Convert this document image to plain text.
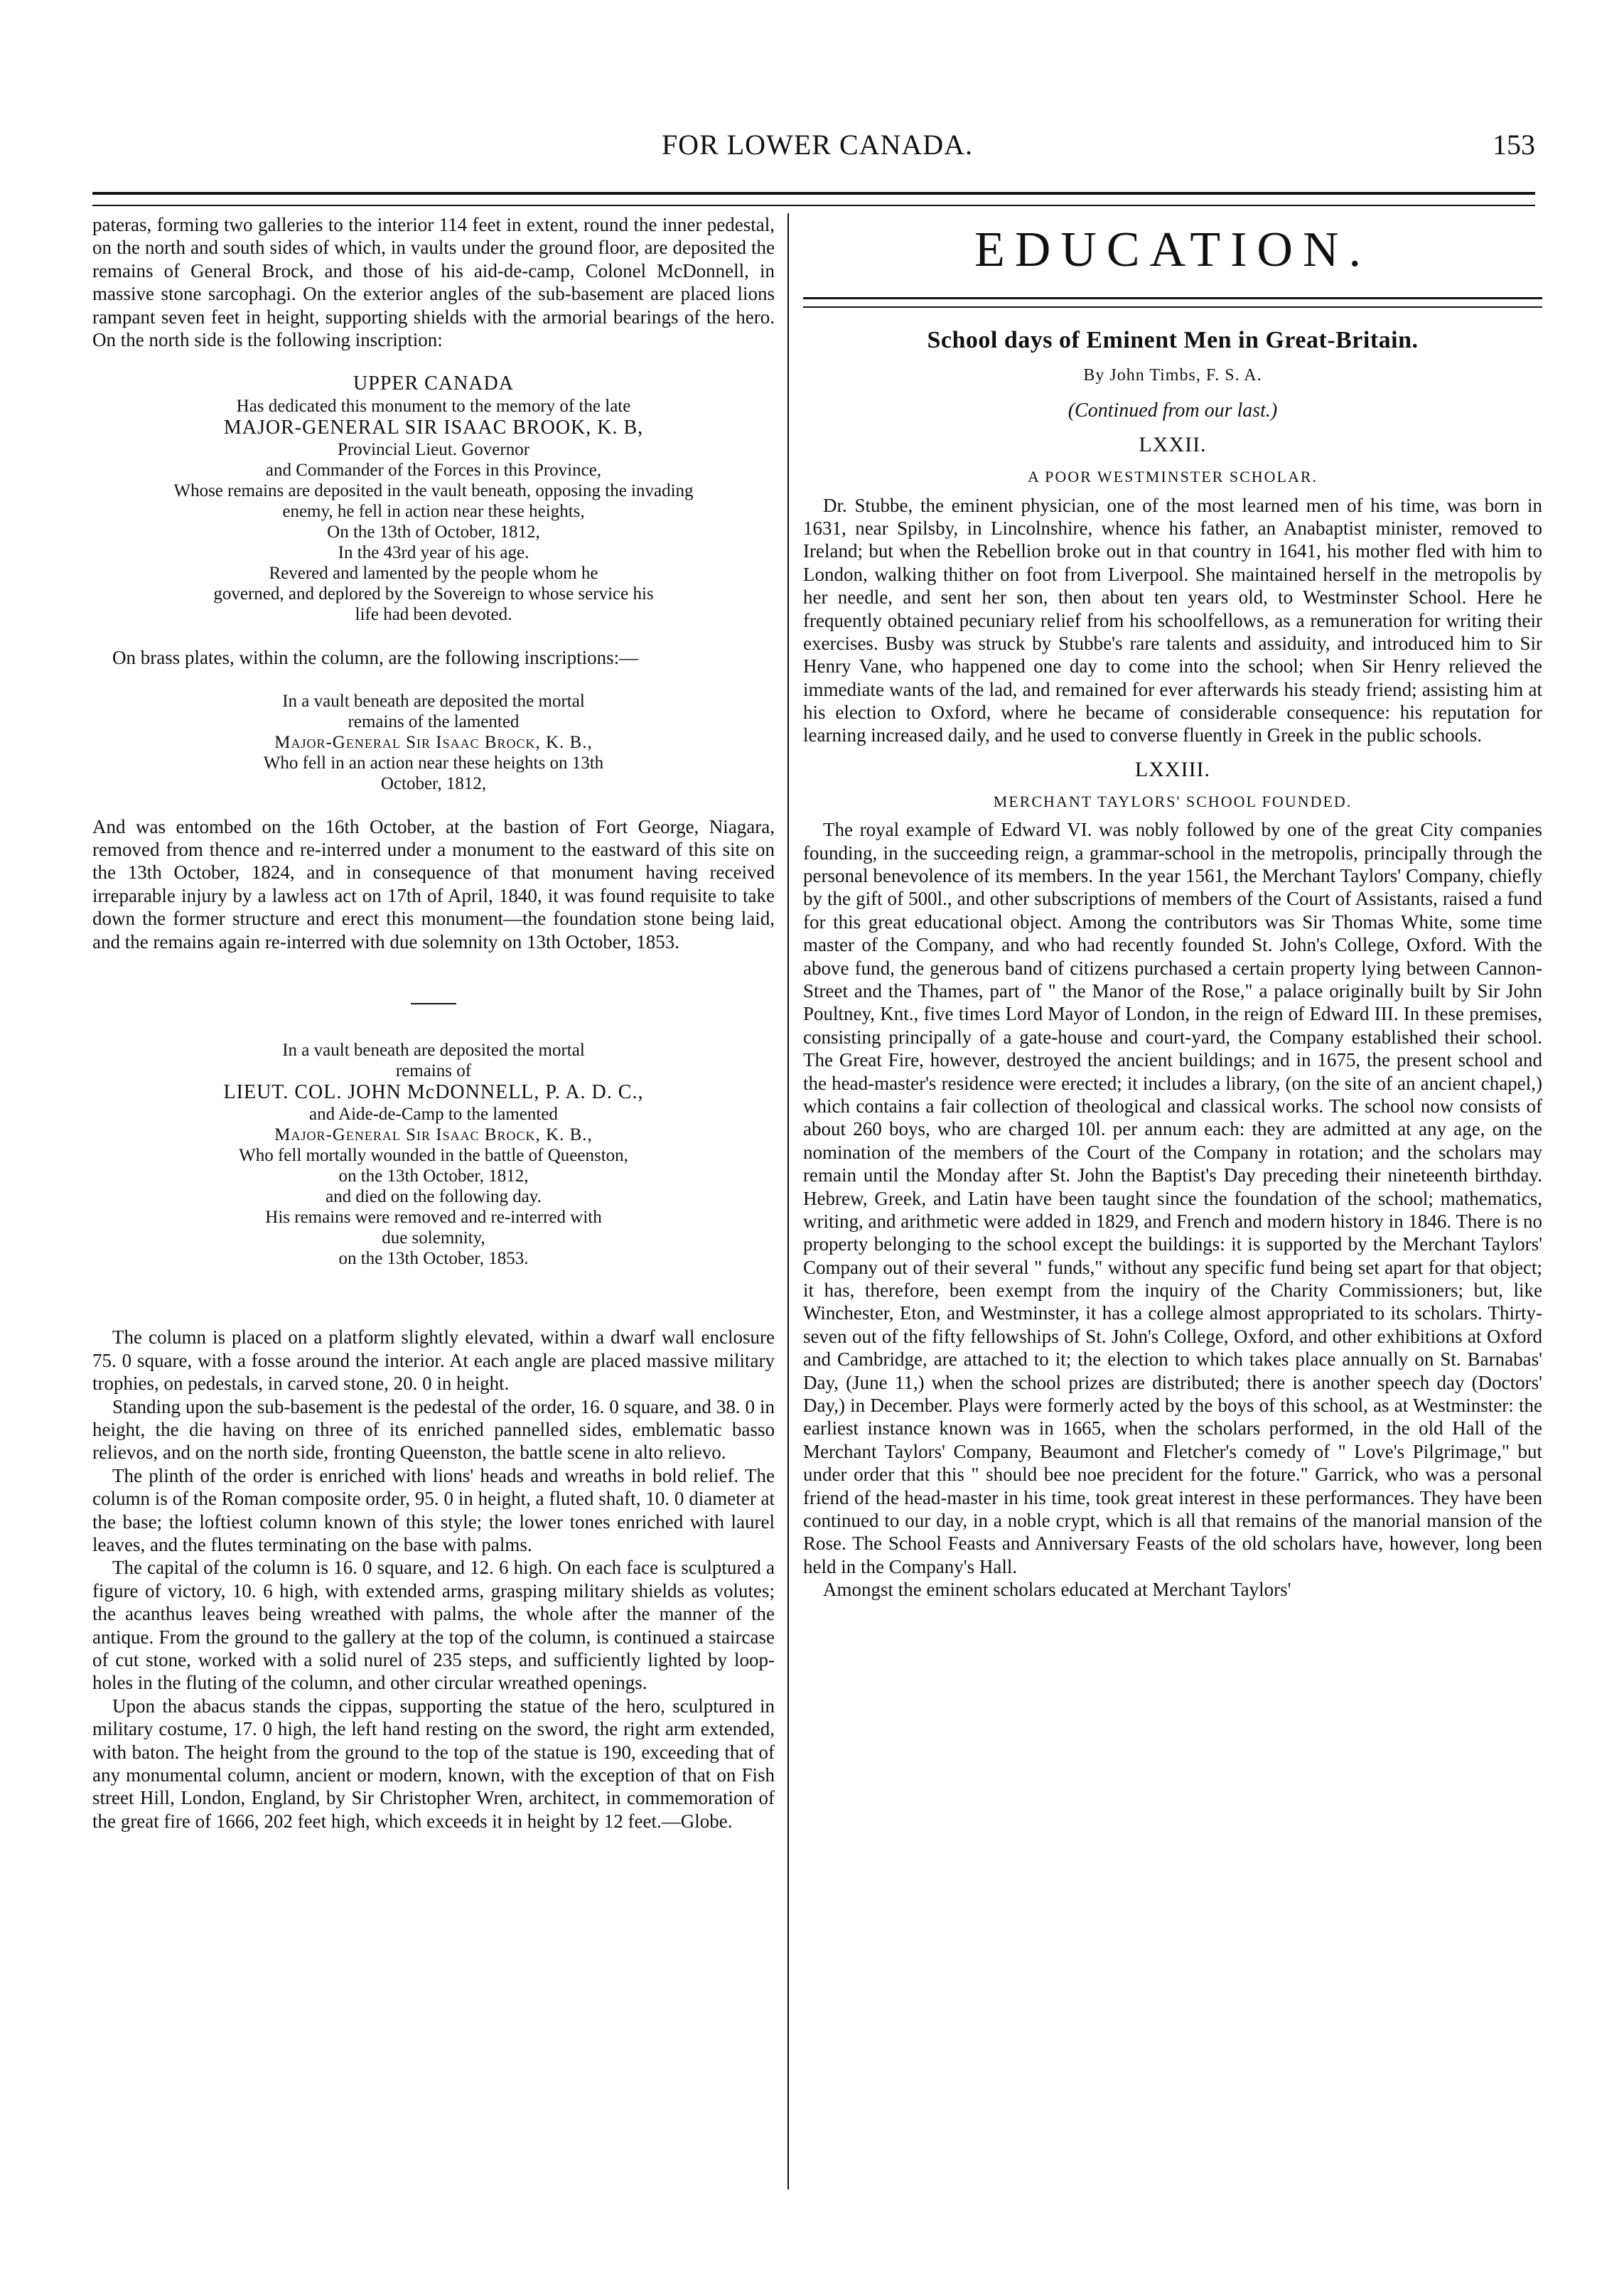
FOR LOWER CANADA.	153

pateras, forming two galleries to the interior 114 feet in extent, round the inner pedestal, on the north and south sides of which, in vaults under the ground floor, are deposited the remains of General Brock, and those of his aid-de-camp, Colonel McDonnell, in massive stone sarcophagi. On the exterior angles of the sub-basement are placed lions rampant seven feet in height, supporting shields with the armorial bearings of the hero. On the north side is the following inscription:

UPPER CANADA
Has dedicated this monument to the memory of the late
MAJOR-GENERAL SIR ISAAC BROOK, K. B,
Provincial Lieut. Governor
and Commander of the Forces in this Province,
Whose remains are deposited in the vault beneath, opposing the invading
enemy, he fell in action near these heights,
On the 13th of October, 1812,
In the 43rd year of his age.
Revered and lamented by the people whom he
governed, and deplored by the Sovereign to whose service his
life had been devoted.

On brass plates, within the column, are the following inscriptions:—

In a vault beneath are deposited the mortal
remains of the lamented
Major-General Sir Isaac Brock, K. B.,
Who fell in an action near these heights on 13th
October, 1812,

And was entombed on the 16th October, at the bastion of Fort George, Niagara, removed from thence and re-interred under a monument to the eastward of this site on the 13th October, 1824, and in consequence of that monument having received irreparable injury by a lawless act on 17th of April, 1840, it was found requisite to take down the former structure and erect this monument—the foundation stone being laid, and the remains again re-interred with due solemnity on 13th October, 1853.

In a vault beneath are deposited the mortal
remains of
LIEUT. COL. JOHN McDONNELL, P. A. D. C.,
and Aide-de-Camp to the lamented
Major-General Sir Isaac Brock, K. B.,
Who fell mortally wounded in the battle of Queenston,
on the 13th October, 1812,
and died on the following day.
His remains were removed and re-interred with
due solemnity,
on the 13th October, 1853.

The column is placed on a platform slightly elevated, within a dwarf wall enclosure 75. 0 square, with a fosse around the interior. At each angle are placed massive military trophies, on pedestals, in carved stone, 20. 0 in height.

Standing upon the sub-basement is the pedestal of the order, 16. 0 square, and 38. 0 in height, the die having on three of its enriched pannelled sides, emblematic basso relievos, and on the north side, fronting Queenston, the battle scene in alto relievo.

The plinth of the order is enriched with lions' heads and wreaths in bold relief. The column is of the Roman composite order, 95. 0 in height, a fluted shaft, 10. 0 diameter at the base; the loftiest column known of this style; the lower tones enriched with laurel leaves, and the flutes terminating on the base with palms.

The capital of the column is 16. 0 square, and 12. 6 high. On each face is sculptured a figure of victory, 10. 6 high, with extended arms, grasping military shields as volutes; the acanthus leaves being wreathed with palms, the whole after the manner of the antique. From the ground to the gallery at the top of the column, is continued a staircase of cut stone, worked with a solid nurel of 235 steps, and sufficiently lighted by loop-holes in the fluting of the column, and other circular wreathed openings.

Upon the abacus stands the cippas, supporting the statue of the hero, sculptured in military costume, 17. 0 high, the left hand resting on the sword, the right arm extended, with baton. The height from the ground to the top of the statue is 190, exceeding that of any monumental column, ancient or modern, known, with the exception of that on Fish street Hill, London, England, by Sir Christopher Wren, architect, in commemoration of the great fire of 1666, 202 feet high, which exceeds it in height by 12 feet.—Globe.

EDUCATION.
School days of Eminent Men in Great-Britain.
By John Timbs, F. S. A.
(Continued from our last.)
LXXII.
A POOR WESTMINSTER SCHOLAR.

Dr. Stubbe, the eminent physician, one of the most learned men of his time, was born in 1631, near Spilsby, in Lincolnshire, whence his father, an Anabaptist minister, removed to Ireland; but when the Rebellion broke out in that country in 1641, his mother fled with him to London, walking thither on foot from Liverpool. She maintained herself in the metropolis by her needle, and sent her son, then about ten years old, to Westminster School. Here he frequently obtained pecuniary relief from his schoolfellows, as a remuneration for writing their exercises. Busby was struck by Stubbe's rare talents and assiduity, and introduced him to Sir Henry Vane, who happened one day to come into the school; when Sir Henry relieved the immediate wants of the lad, and remained for ever afterwards his steady friend; assisting him at his election to Oxford, where he became of considerable consequence: his reputation for learning increased daily, and he used to converse fluently in Greek in the public schools.

LXXIII.
MERCHANT TAYLORS' SCHOOL FOUNDED.

The royal example of Edward VI. was nobly followed by one of the great City companies founding, in the succeeding reign, a grammar-school in the metropolis, principally through the personal benevolence of its members. In the year 1561, the Merchant Taylors' Company, chiefly by the gift of 500l., and other subscriptions of members of the Court of Assistants, raised a fund for this great educational object. Among the contributors was Sir Thomas White, some time master of the Company, and who had recently founded St. John's College, Oxford. With the above fund, the generous band of citizens purchased a certain property lying between Cannon-Street and the Thames, part of " the Manor of the Rose," a palace originally built by Sir John Poultney, Knt., five times Lord Mayor of London, in the reign of Edward III. In these premises, consisting principally of a gate-house and court-yard, the Company established their school. The Great Fire, however, destroyed the ancient buildings; and in 1675, the present school and the head-master's residence were erected; it includes a library, (on the site of an ancient chapel,) which contains a fair collection of theological and classical works. The school now consists of about 260 boys, who are charged 10l. per annum each: they are admitted at any age, on the nomination of the members of the Court of the Company in rotation; and the scholars may remain until the Monday after St. John the Baptist's Day preceding their nineteenth birthday. Hebrew, Greek, and Latin have been taught since the foundation of the school; mathematics, writing, and arithmetic were added in 1829, and French and modern history in 1846. There is no property belonging to the school except the buildings: it is supported by the Merchant Taylors' Company out of their several " funds," without any specific fund being set apart for that object; it has, therefore, been exempt from the inquiry of the Charity Commissioners; but, like Winchester, Eton, and Westminster, it has a college almost appropriated to its scholars. Thirty-seven out of the fifty fellowships of St. John's College, Oxford, and other exhibitions at Oxford and Cambridge, are attached to it; the election to which takes place annually on St. Barnabas' Day, (June 11,) when the school prizes are distributed; there is another speech day (Doctors' Day,) in December. Plays were formerly acted by the boys of this school, as at Westminster: the earliest instance known was in 1665, when the scholars performed, in the old Hall of the Merchant Taylors' Company, Beaumont and Fletcher's comedy of " Love's Pilgrimage," but under order that this " should bee noe precident for the foture." Garrick, who was a personal friend of the head-master in his time, took great interest in these performances. They have been continued to our day, in a noble crypt, which is all that remains of the manorial mansion of the Rose. The School Feasts and Anniversary Feasts of the old scholars have, however, long been held in the Company's Hall.

Amongst the eminent scholars educated at Merchant Taylors'
